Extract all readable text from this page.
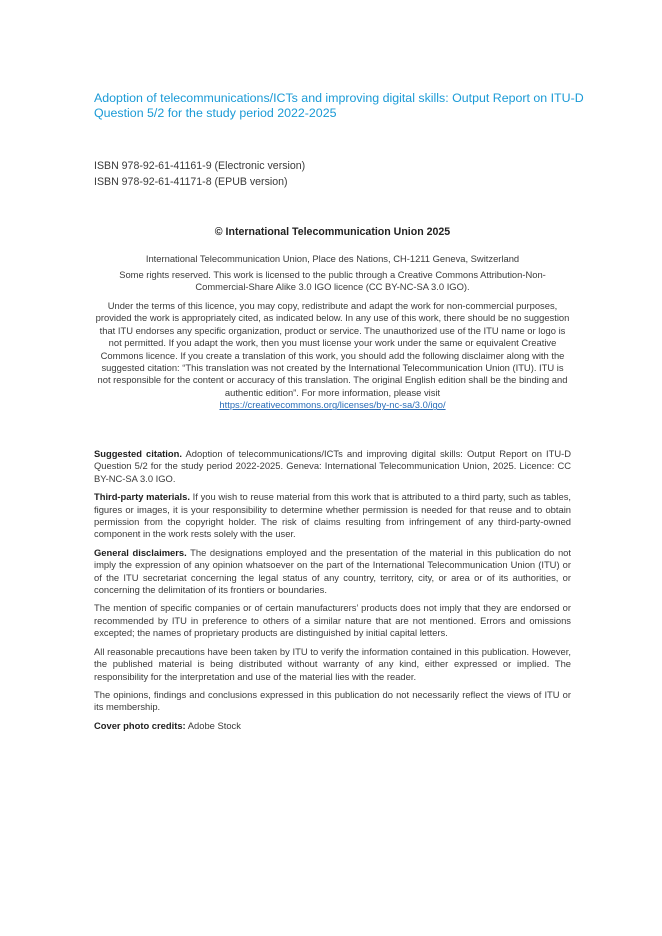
Adoption of telecommunications/ICTs and improving digital skills: Output Report on ITU-D Question 5/2 for the study period 2022-2025
ISBN 978-92-61-41161-9 (Electronic version)
ISBN 978-92-61-41171-8 (EPUB version)
© International Telecommunication Union 2025
International Telecommunication Union, Place des Nations, CH-1211 Geneva, Switzerland
Some rights reserved. This work is licensed to the public through a Creative Commons Attribution-Non- Commercial-Share Alike 3.0 IGO licence (CC BY-NC-SA 3.0 IGO).
Under the terms of this licence, you may copy, redistribute and adapt the work for non-commercial purposes, provided the work is appropriately cited, as indicated below. In any use of this work, there should be no suggestion that ITU endorses any specific organization, product or service. The unauthorized use of the ITU name or logo is not permitted. If you adapt the work, then you must license your work under the same or equivalent Creative Commons licence. If you create a translation of this work, you should add the following disclaimer along with the suggested citation: “This translation was not created by the International Telecommunication Union (ITU). ITU is not responsible for the content or accuracy of this translation. The original English edition shall be the binding and authentic edition”. For more information, please visit
https://creativecommons.org/licenses/by-nc-sa/3.0/igo/

Suggested citation. Adoption of telecommunications/ICTs and improving digital skills: Output Report on ITU-D Question 5/2 for the study period 2022-2025. Geneva: International Telecommunication Union, 2025. Licence: CC BY-NC-SA 3.0 IGO.

Third-party materials. If you wish to reuse material from this work that is attributed to a third party, such as tables, figures or images, it is your responsibility to determine whether permission is needed for that reuse and to obtain permission from the copyright holder. The risk of claims resulting from infringement of any third-party-owned component in the work rests solely with the user.

General disclaimers. The designations employed and the presentation of the material in this publication do not imply the expression of any opinion whatsoever on the part of the International Telecommunication Union (ITU) or of the ITU secretariat concerning the legal status of any country, territory, city, or area or of its authorities, or concerning the delimitation of its frontiers or boundaries.

The mention of specific companies or of certain manufacturers’ products does not imply that they are endorsed or recommended by ITU in preference to others of a similar nature that are not mentioned. Errors and omissions excepted; the names of proprietary products are distinguished by initial capital letters.

All reasonable precautions have been taken by ITU to verify the information contained in this publication. However, the published material is being distributed without warranty of any kind, either expressed or implied. The responsibility for the interpretation and use of the material lies with the reader.

The opinions, findings and conclusions expressed in this publication do not necessarily reflect the views of ITU or its membership.

Cover photo credits: Adobe Stock
